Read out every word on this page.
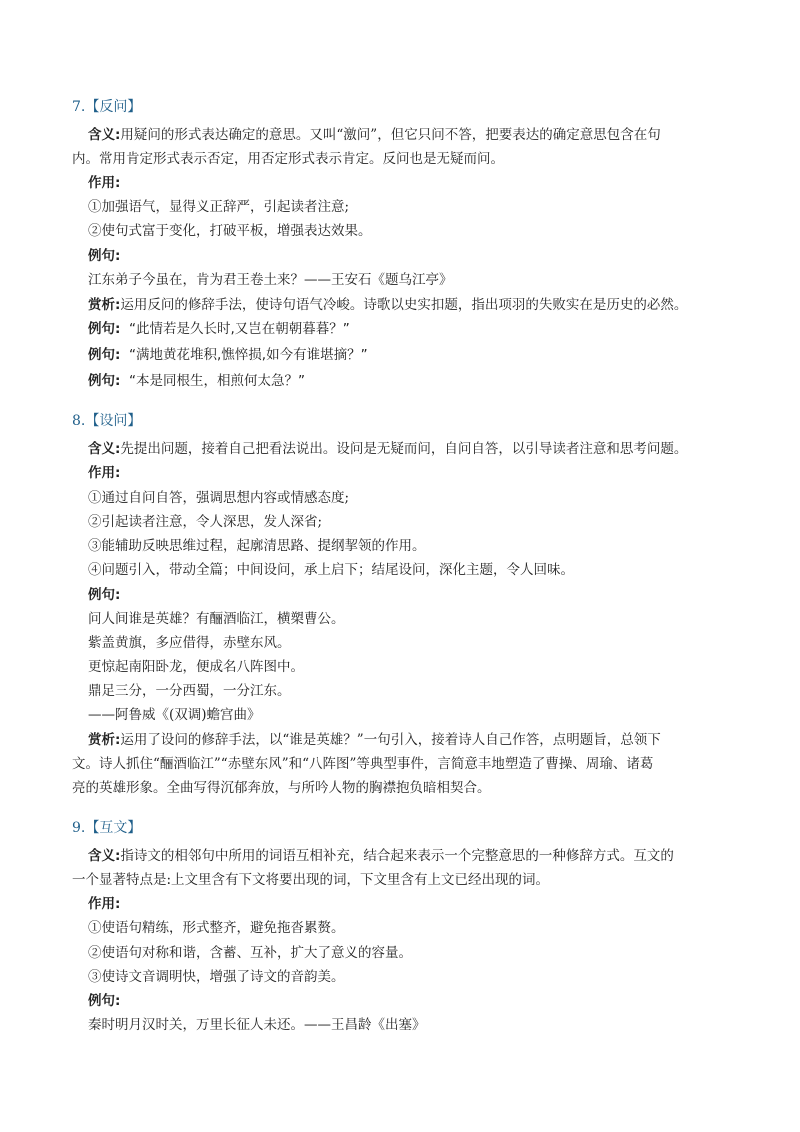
7.【反问】
含义:用疑问的形式表达确定的意思。又叫“激问”，但它只问不答，把要表达的确定意思包含在句
内。常用肯定形式表示否定，用否定形式表示肯定。反问也是无疑而问。
作用:
①加强语气，显得义正辞严，引起读者注意;
②使句式富于变化，打破平板，增强表达效果。
例句:
江东弟子今虽在，肯为君王卷土来？——王安石《题乌江亭》
赏析:运用反问的修辞手法，使诗句语气冷峻。诗歌以史实扣题，指出项羽的失败实在是历史的必然。
例句: “此情若是久长时,又岂在朝朝暮暮？”
例句: “满地黄花堆积,憔悴损,如今有谁堪摘？”
例句: “本是同根生，相煎何太急？”
8.【设问】
含义:先提出问题，接着自己把看法说出。设问是无疑而问，自问自答，以引导读者注意和思考问题。
作用:
①通过自问自答，强调思想内容或情感态度;
②引起读者注意，令人深思，发人深省;
③能辅助反映思维过程，起廓清思路、提纲挈领的作用。
④问题引入，带动全篇；中间设问，承上启下；结尾设问，深化主题，令人回味。
例句:
问人间谁是英雄？有酾酒临江，横槊曹公。
紫盖黄旗，多应借得，赤壁东风。
更惊起南阳卧龙，便成名八阵图中。
鼎足三分，一分西蜀，一分江东。
——阿鲁威《(双调)蟾宫曲》
赏析:运用了设问的修辞手法，以“谁是英雄？”一句引入，接着诗人自己作答，点明题旨，总领下
文。诗人抓住“酾酒临江”“赤壁东风”和“八阵图”等典型事件，言简意丰地塑造了曹操、周瑜、诸葛
亮的英雄形象。全曲写得沉郁奔放，与所吟人物的胸襟抱负暗相契合。
9.【互文】
含义:指诗文的相邻句中所用的词语互相补充，结合起来表示一个完整意思的一种修辞方式。互文的
一个显著特点是:上文里含有下文将要出现的词，下文里含有上文已经出现的词。
作用:
①使语句精练，形式整齐，避免拖沓累赘。
②使语句对称和谐，含蓄、互补，扩大了意义的容量。
③使诗文音调明快，增强了诗文的音韵美。
例句:
秦时明月汉时关，万里长征人未还。——王昌龄《出塞》
